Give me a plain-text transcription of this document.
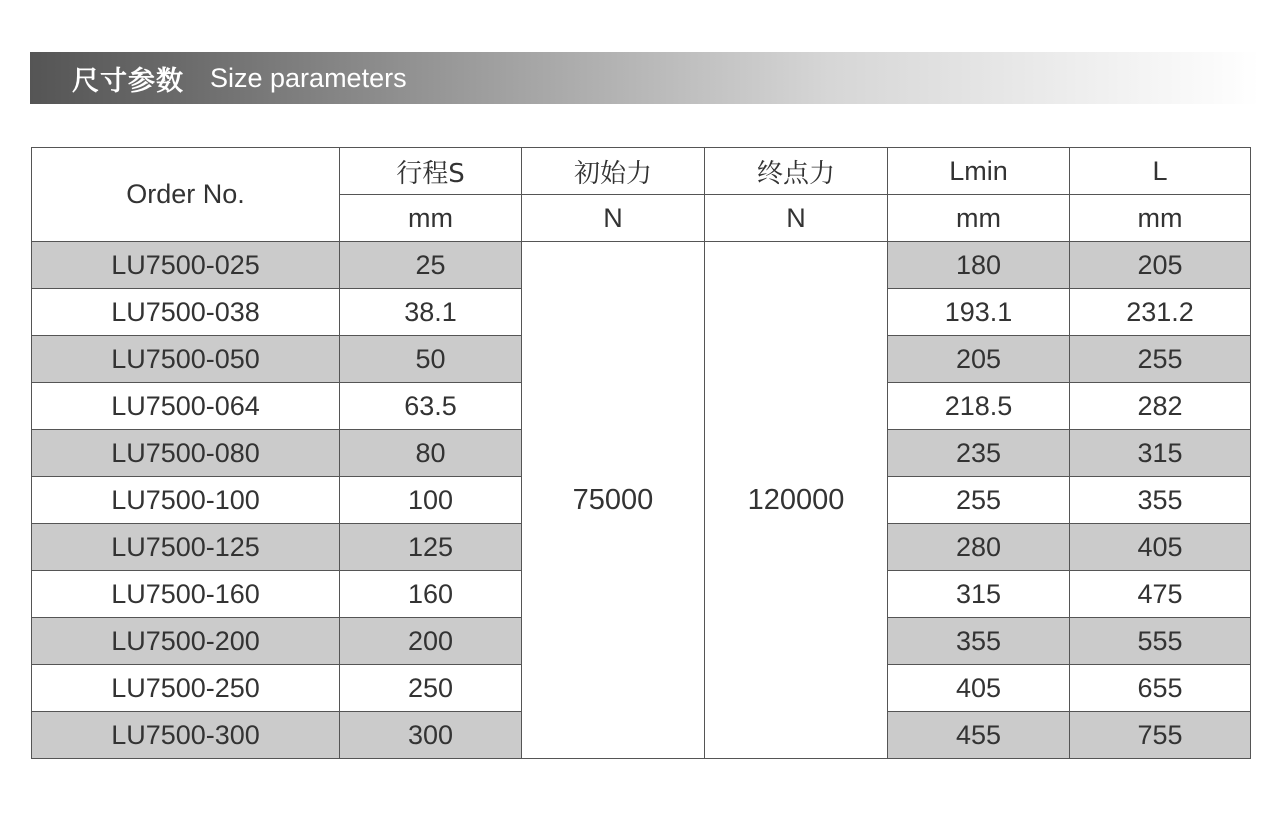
尺寸参数 Size parameters
Order No.	行程S	初始力	终点力	Lmin	L
	mm	N	N	mm	mm
LU7500-025	25	75000	120000	180	205
LU7500-038	38.1			193.1	231.2
LU7500-050	50			205	255
LU7500-064	63.5			218.5	282
LU7500-080	80			235	315
LU7500-100	100			255	355
LU7500-125	125			280	405
LU7500-160	160			315	475
LU7500-200	200			355	555
LU7500-250	250			405	655
LU7500-300	300			455	755
